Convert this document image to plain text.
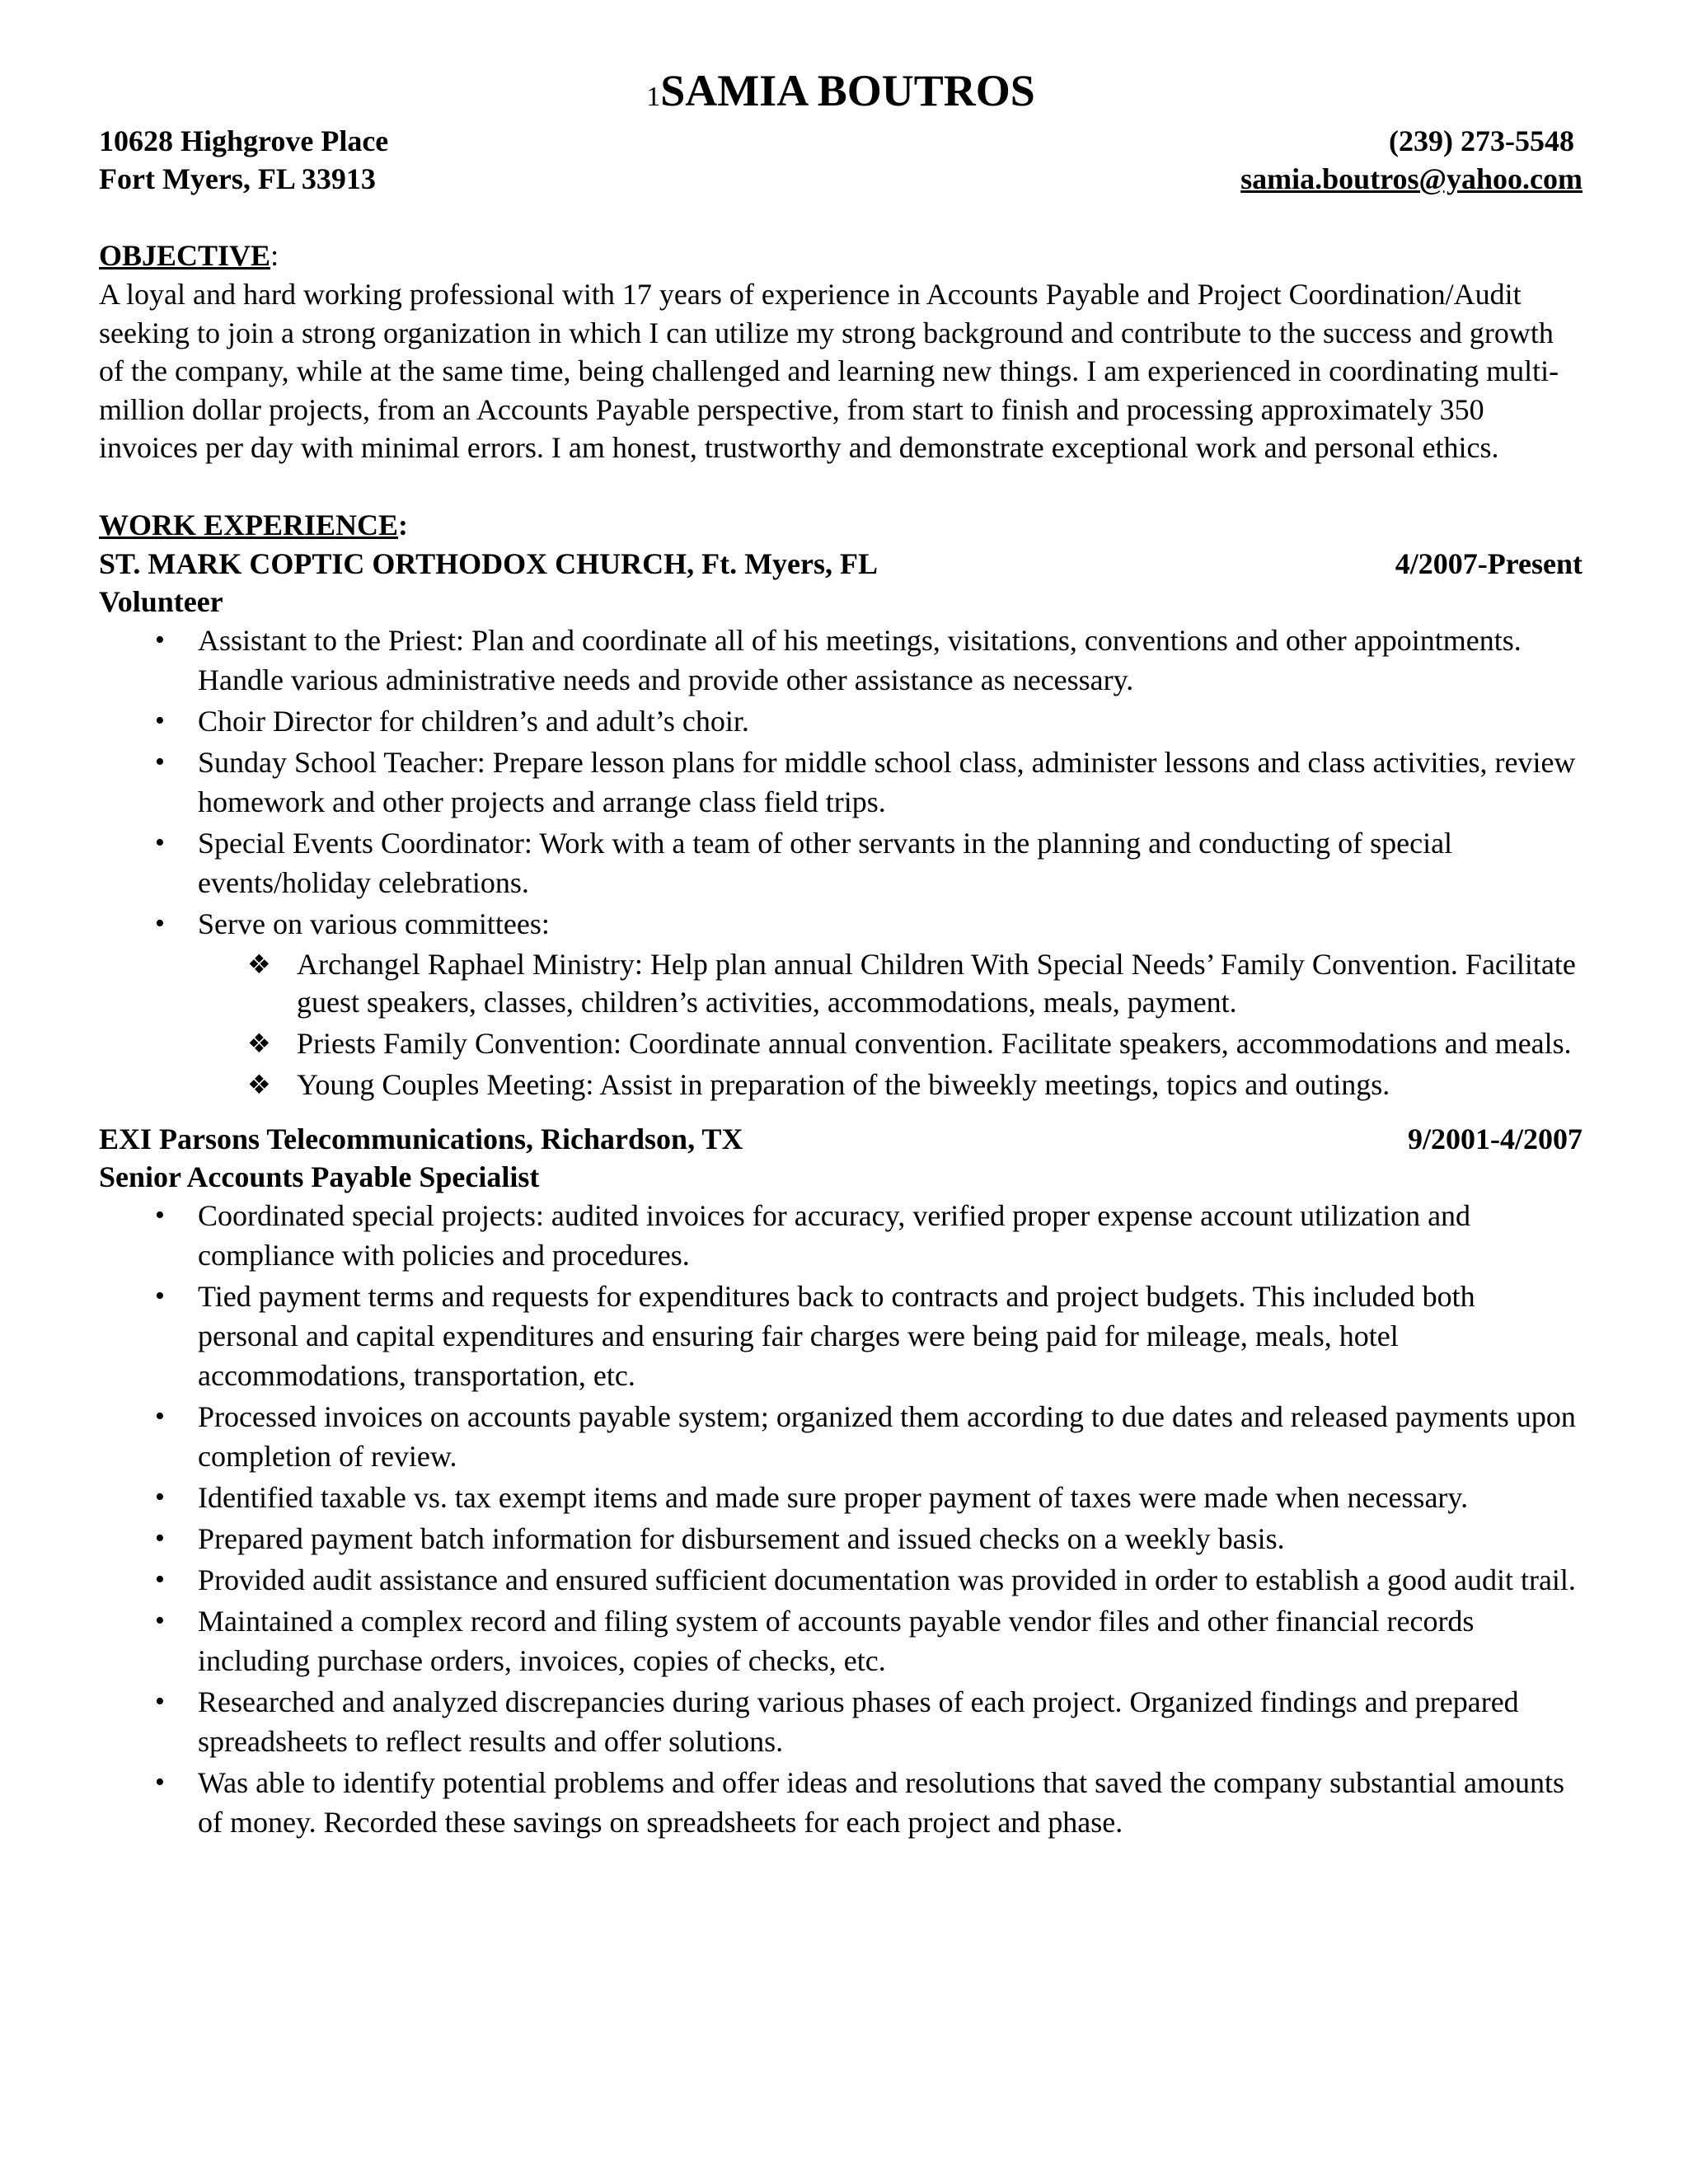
1SAMIA BOUTROS
10628 Highgrove Place	(239) 273-5548
Fort Myers, FL 33913	samia.boutros@yahoo.com
OBJECTIVE:
A loyal and hard working professional with 17 years of experience in Accounts Payable and Project Coordination/Audit seeking to join a strong organization in which I can utilize my strong background and contribute to the success and growth of the company, while at the same time, being challenged and learning new things. I am experienced in coordinating multi-million dollar projects, from an Accounts Payable perspective, from start to finish and processing approximately 350 invoices per day with minimal errors. I am honest, trustworthy and demonstrate exceptional work and personal ethics.
WORK EXPERIENCE:
ST. MARK COPTIC ORTHODOX CHURCH, Ft. Myers, FL	4/2007-Present
Volunteer
• Assistant to the Priest: Plan and coordinate all of his meetings, visitations, conventions and other appointments. Handle various administrative needs and provide other assistance as necessary.
• Choir Director for children’s and adult’s choir.
• Sunday School Teacher: Prepare lesson plans for middle school class, administer lessons and class activities, review homework and other projects and arrange class field trips.
• Special Events Coordinator: Work with a team of other servants in the planning and conducting of special events/holiday celebrations.
• Serve on various committees:
❖ Archangel Raphael Ministry: Help plan annual Children With Special Needs’ Family Convention. Facilitate guest speakers, classes, children’s activities, accommodations, meals, payment.
❖ Priests Family Convention: Coordinate annual convention. Facilitate speakers, accommodations and meals.
❖ Young Couples Meeting: Assist in preparation of the biweekly meetings, topics and outings.
EXI Parsons Telecommunications, Richardson, TX	9/2001-4/2007
Senior Accounts Payable Specialist
• Coordinated special projects: audited invoices for accuracy, verified proper expense account utilization and compliance with policies and procedures.
• Tied payment terms and requests for expenditures back to contracts and project budgets. This included both personal and capital expenditures and ensuring fair charges were being paid for mileage, meals, hotel accommodations, transportation, etc.
• Processed invoices on accounts payable system; organized them according to due dates and released payments upon completion of review.
• Identified taxable vs. tax exempt items and made sure proper payment of taxes were made when necessary.
• Prepared payment batch information for disbursement and issued checks on a weekly basis.
• Provided audit assistance and ensured sufficient documentation was provided in order to establish a good audit trail.
• Maintained a complex record and filing system of accounts payable vendor files and other financial records including purchase orders, invoices, copies of checks, etc.
• Researched and analyzed discrepancies during various phases of each project. Organized findings and prepared spreadsheets to reflect results and offer solutions.
• Was able to identify potential problems and offer ideas and resolutions that saved the company substantial amounts of money. Recorded these savings on spreadsheets for each project and phase.
